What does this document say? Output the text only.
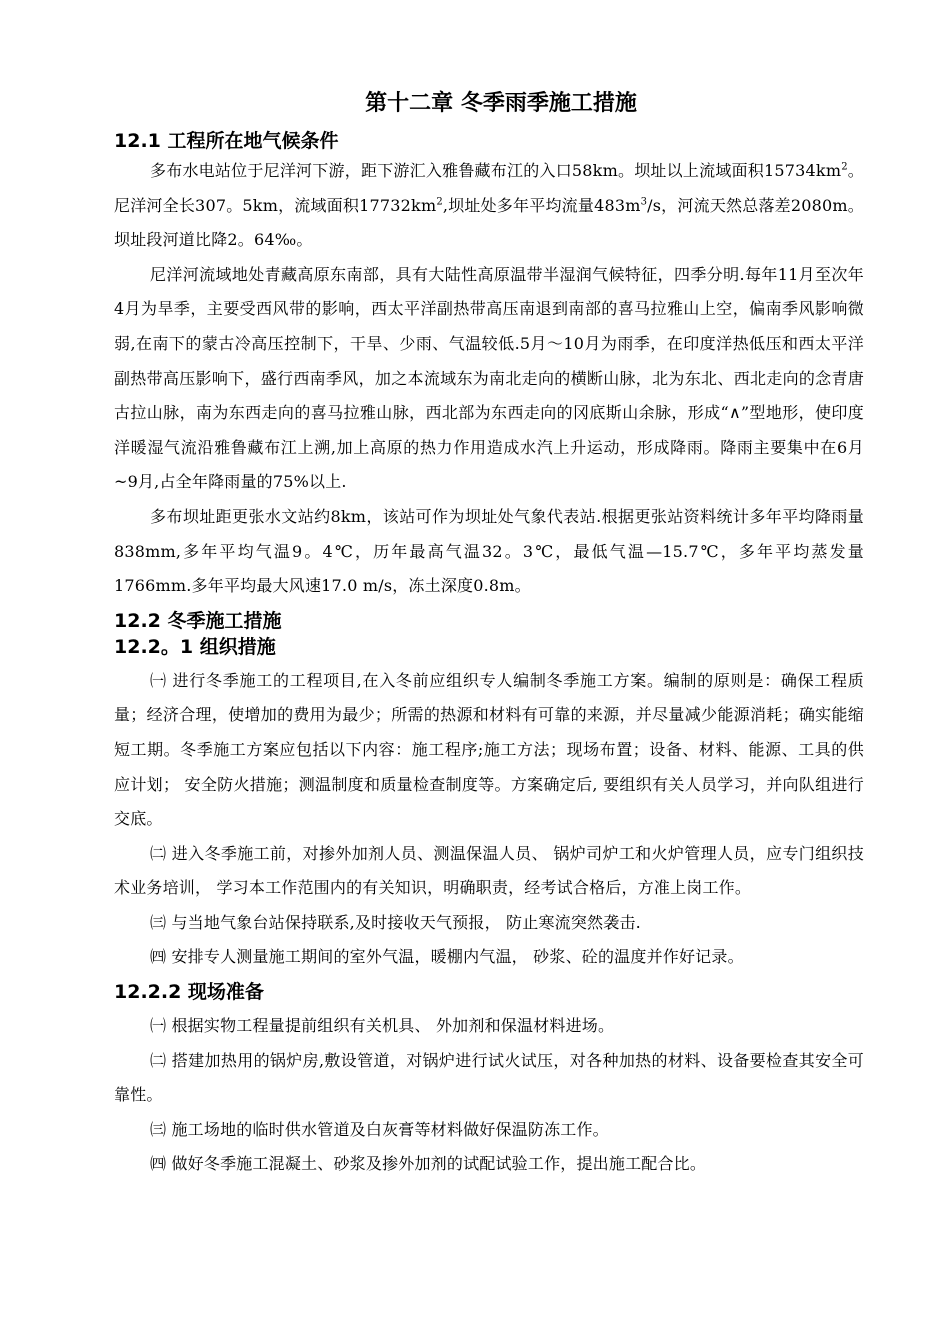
第十二章 冬季雨季施工措施
12.1 工程所在地气候条件

多布水电站位于尼洋河下游，距下游汇入雅鲁藏布江的入口58km。坝址以上流域面积$15734km^2$。尼洋河全长307。5km，流域面积$17732km^2$,坝址处多年平均流量$483m^3/s$，河流天然总落差2080m。坝址段河道比降2。64‰。

尼洋河流域地处青藏高原东南部，具有大陆性高原温带半湿润气候特征，四季分明.每年11月至次年4月为旱季，主要受西风带的影响，西太平洋副热带高压南退到南部的喜马拉雅山上空，偏南季风影响微弱,在南下的蒙古冷高压控制下，干旱、少雨、气温较低.5月～10月为雨季，在印度洋热低压和西太平洋副热带高压影响下，盛行西南季风，加之本流域东为南北走向的横断山脉，北为东北、西北走向的念青唐古拉山脉，南为东西走向的喜马拉雅山脉，西北部为东西走向的冈底斯山余脉，形成“∧”型地形，使印度洋暖湿气流沿雅鲁藏布江上溯,加上高原的热力作用造成水汽上升运动，形成降雨。降雨主要集中在6月~9月,占全年降雨量的75%以上.

多布坝址距更张水文站约8km，该站可作为坝址处气象代表站.根据更张站资料统计多年平均降雨量838mm,多年平均气温9。4℃，历年最高气温32。3℃，最低气温—15.7℃，多年平均蒸发量1766mm.多年平均最大风速17.0 m/s，冻土深度0.8m。

12.2 冬季施工措施
12.2。1 组织措施

㈠ 进行冬季施工的工程项目,在入冬前应组织专人编制冬季施工方案。编制的原则是：确保工程质量；经济合理，使增加的费用为最少；所需的热源和材料有可靠的来源，并尽量减少能源消耗；确实能缩短工期。冬季施工方案应包括以下内容：施工程序;施工方法；现场布置；设备、材料、能源、工具的供应计划； 安全防火措施；测温制度和质量检查制度等。方案确定后, 要组织有关人员学习，并向队组进行交底。

㈡ 进入冬季施工前，对掺外加剂人员、测温保温人员、 锅炉司炉工和火炉管理人员，应专门组织技术业务培训， 学习本工作范围内的有关知识，明确职责，经考试合格后，方准上岗工作。

㈢ 与当地气象台站保持联系,及时接收天气预报， 防止寒流突然袭击.

㈣ 安排专人测量施工期间的室外气温，暖棚内气温， 砂浆、砼的温度并作好记录。

12.2.2 现场准备

㈠ 根据实物工程量提前组织有关机具、 外加剂和保温材料进场。

㈡ 搭建加热用的锅炉房,敷设管道，对锅炉进行试火试压，对各种加热的材料、设备要检查其安全可靠性。

㈢ 施工场地的临时供水管道及白灰膏等材料做好保温防冻工作。

㈣ 做好冬季施工混凝土、砂浆及掺外加剂的试配试验工作，提出施工配合比。
